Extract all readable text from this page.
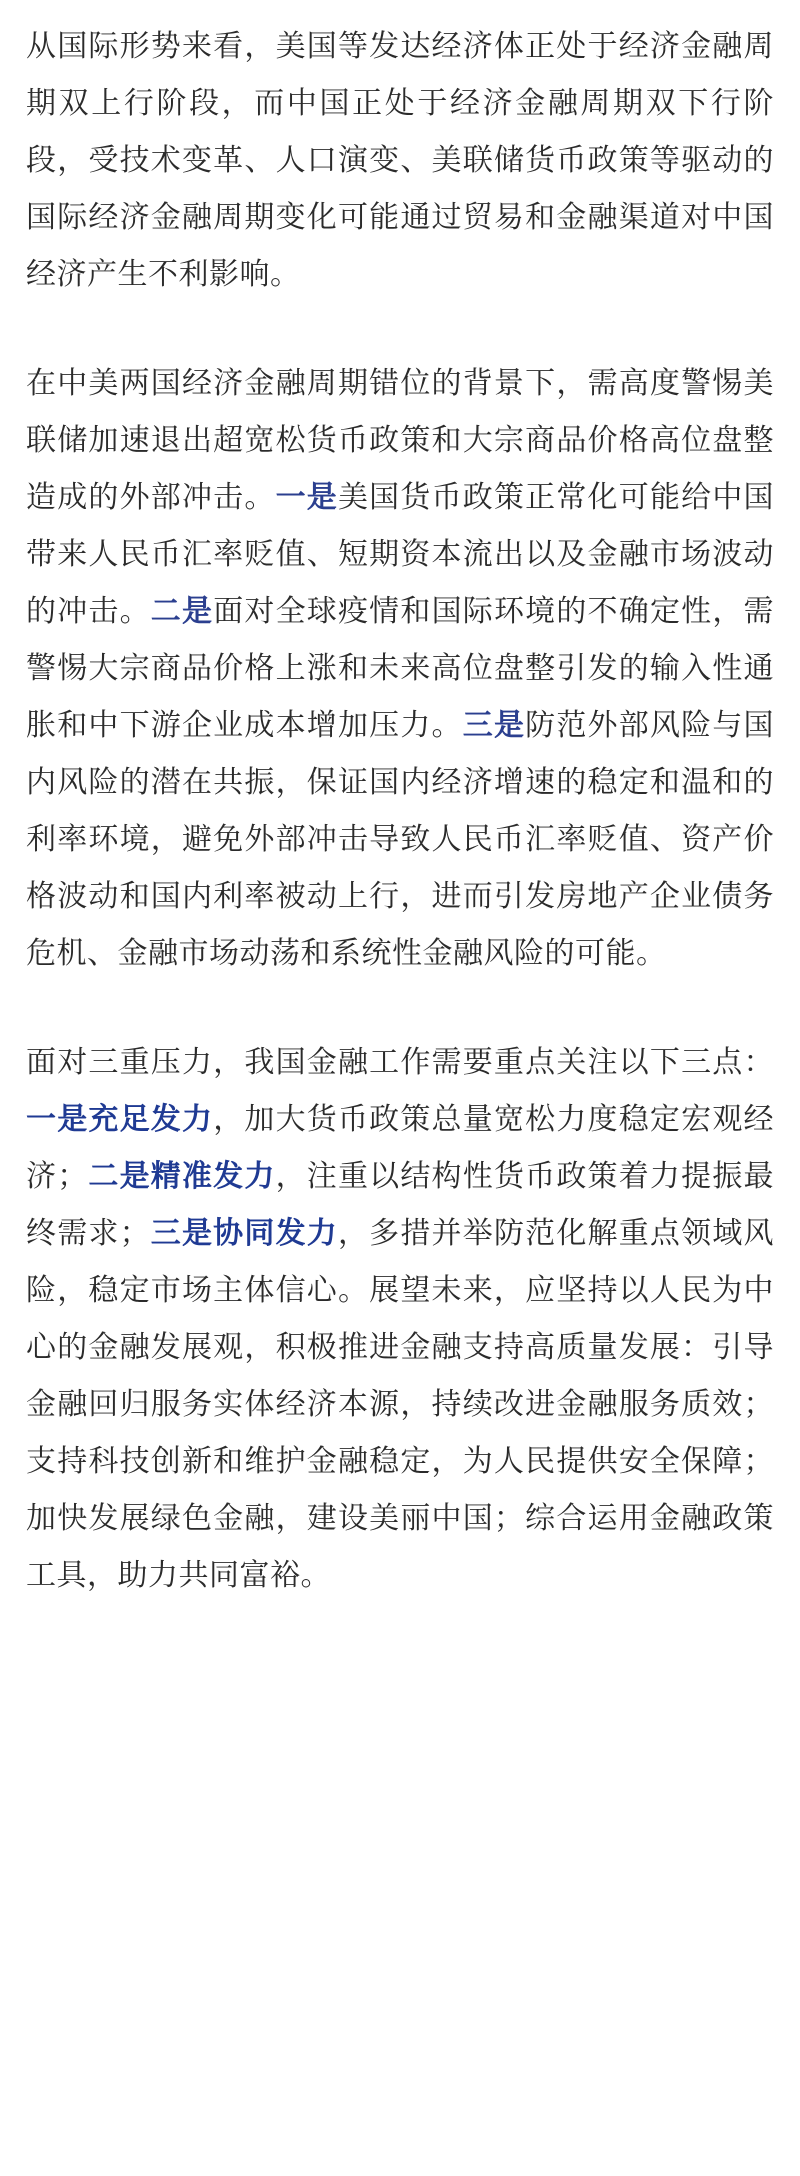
从国际形势来看，美国等发达经济体正处于经济金融周期双上行阶段，而中国正处于经济金融周期双下行阶段，受技术变革、人口演变、美联储货币政策等驱动的国际经济金融周期变化可能通过贸易和金融渠道对中国经济产生不利影响。

在中美两国经济金融周期错位的背景下，需高度警惕美联储加速退出超宽松货币政策和大宗商品价格高位盘整造成的外部冲击。一是美国货币政策正常化可能给中国带来人民币汇率贬值、短期资本流出以及金融市场波动的冲击。二是面对全球疫情和国际环境的不确定性，需警惕大宗商品价格上涨和未来高位盘整引发的输入性通胀和中下游企业成本增加压力。三是防范外部风险与国内风险的潜在共振，保证国内经济增速的稳定和温和的利率环境，避免外部冲击导致人民币汇率贬值、资产价格波动和国内利率被动上行，进而引发房地产企业债务危机、金融市场动荡和系统性金融风险的可能。

面对三重压力，我国金融工作需要重点关注以下三点：一是充足发力，加大货币政策总量宽松力度稳定宏观经济；二是精准发力，注重以结构性货币政策着力提振最终需求；三是协同发力，多措并举防范化解重点领域风险，稳定市场主体信心。展望未来，应坚持以人民为中心的金融发展观，积极推进金融支持高质量发展：引导金融回归服务实体经济本源，持续改进金融服务质效；支持科技创新和维护金融稳定，为人民提供安全保障；加快发展绿色金融，建设美丽中国；综合运用金融政策工具，助力共同富裕。
